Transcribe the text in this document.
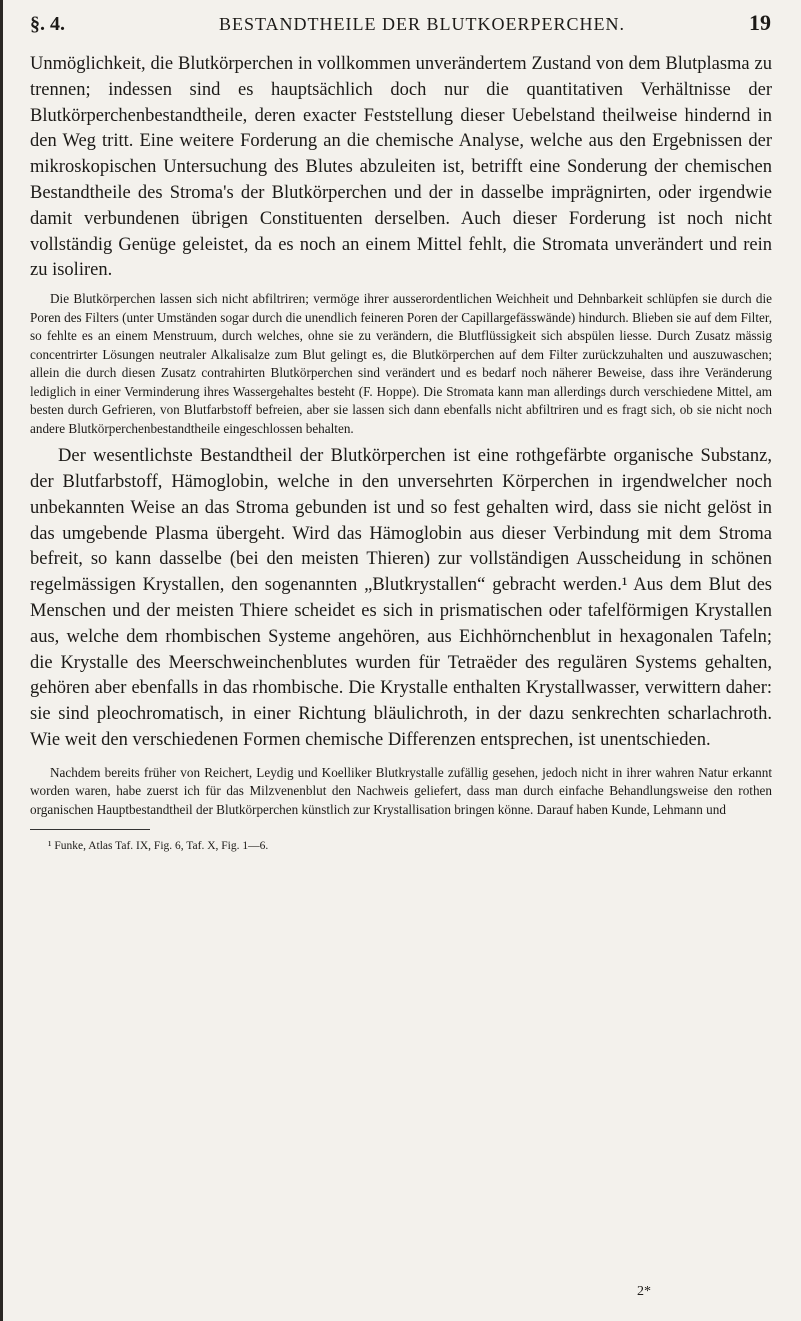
§. 4.	BESTANDTHEILE DER BLUTKOERPERCHEN.	19

Unmöglichkeit, die Blutkörperchen in vollkommen unverändertem Zustand von dem Blutplasma zu trennen; indessen sind es hauptsächlich doch nur die quantitativen Verhältnisse der Blutkörperchenbestandtheile, deren exacter Feststellung dieser Uebelstand theilweise hindernd in den Weg tritt. Eine weitere Forderung an die chemische Analyse, welche aus den Ergebnissen der mikroskopischen Untersuchung des Blutes abzuleiten ist, betrifft eine Sonderung der chemischen Bestandtheile des Stroma's der Blutkörperchen und der in dasselbe imprägnirten, oder irgendwie damit verbundenen übrigen Constituenten derselben. Auch dieser Forderung ist noch nicht vollständig Genüge geleistet, da es noch an einem Mittel fehlt, die Stromata unverändert und rein zu isoliren.

Die Blutkörperchen lassen sich nicht abfiltriren; vermöge ihrer ausserordentlichen Weichheit und Dehnbarkeit schlüpfen sie durch die Poren des Filters (unter Umständen sogar durch die unendlich feineren Poren der Capillargefässwände) hindurch. Blieben sie auf dem Filter, so fehlte es an einem Menstruum, durch welches, ohne sie zu verändern, die Blutflüssigkeit sich abspülen liesse. Durch Zusatz mässig concentrirter Lösungen neutraler Alkalisalze zum Blut gelingt es, die Blutkörperchen auf dem Filter zurückzuhalten und auszuwaschen; allein die durch diesen Zusatz contrahirten Blutkörperchen sind verändert und es bedarf noch näherer Beweise, dass ihre Veränderung lediglich in einer Verminderung ihres Wassergehaltes besteht (F. Hoppe). Die Stromata kann man allerdings durch verschiedene Mittel, am besten durch Gefrieren, von Blutfarbstoff befreien, aber sie lassen sich dann ebenfalls nicht abfiltriren und es fragt sich, ob sie nicht noch andere Blutkörperchenbestandtheile eingeschlossen behalten.

Der wesentlichste Bestandtheil der Blutkörperchen ist eine rothgefärbte organische Substanz, der Blutfarbstoff, Hämoglobin, welche in den unversehrten Körperchen in irgendwelcher noch unbekannten Weise an das Stroma gebunden ist und so fest gehalten wird, dass sie nicht gelöst in das umgebende Plasma übergeht. Wird das Hämoglobin aus dieser Verbindung mit dem Stroma befreit, so kann dasselbe (bei den meisten Thieren) zur vollständigen Ausscheidung in schönen regelmässigen Krystallen, den sogenannten „Blutkrystallen“ gebracht werden.¹ Aus dem Blut des Menschen und der meisten Thiere scheidet es sich in prismatischen oder tafelförmigen Krystallen aus, welche dem rhombischen Systeme angehören, aus Eichhörnchenblut in hexagonalen Tafeln; die Krystalle des Meerschweinchenblutes wurden für Tetraëder des regulären Systems gehalten, gehören aber ebenfalls in das rhombische. Die Krystalle enthalten Krystallwasser, verwittern daher: sie sind pleochromatisch, in einer Richtung bläulichroth, in der dazu senkrechten scharlachroth. Wie weit den verschiedenen Formen chemische Differenzen entsprechen, ist unentschieden.

Nachdem bereits früher von Reichert, Leydig und Koelliker Blutkrystalle zufällig gesehen, jedoch nicht in ihrer wahren Natur erkannt worden waren, habe zuerst ich für das Milzvenenblut den Nachweis geliefert, dass man durch einfache Behandlungsweise den rothen organischen Hauptbestandtheil der Blutkörperchen künstlich zur Krystallisation bringen könne. Darauf haben Kunde, Lehmann und

¹ Funke, Atlas Taf. IX, Fig. 6, Taf. X, Fig. 1—6.

2*
